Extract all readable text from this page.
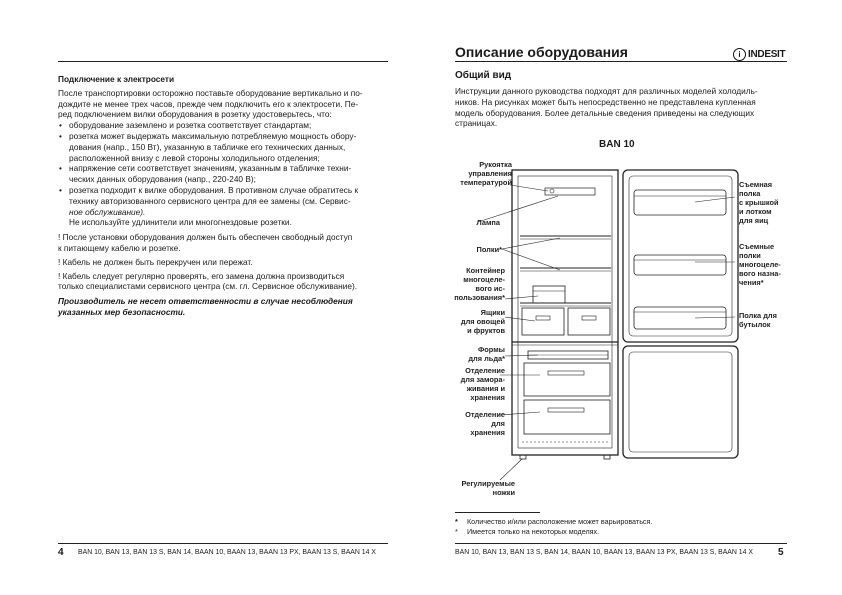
Подключение к электросети

После транспортировки осторожно поставьте оборудование вертикально и по-

дождите не менее трех часов, прежде чем подключить его к электросети. Пе-

ред подключением вилки оборудования в розетку удостоверьтесь, что:

• оборудование заземлено и розетка соответствует стандартам;
• розетка может выдержать максимальную потребляемую мощность обору-
дования (напр., 150 Вт), указанную в табличке его технических данных,
расположенной внизу с левой стороны холодильного отделения;
• напряжение сети соответствует значениям, указанным в табличке техни-
ческих данных оборудования (напр., 220-240 В);
• розетка подходит к вилке оборудования. В противном случае обратитесь к
технику авторизованного сервисного центра для ее замены (см. Сервис-
ное обслуживание).
Не используйте удлинители или многогнездовые розетки.

! После установки оборудования должен быть обеспечен свободный доступ

к питающему кабелю и розетке.

! Кабель не должен быть перекручен или пережат.

! Кабель следует регулярно проверять, его замена должна производиться

только специалистами сервисного центра (см. гл. Сервисное обслуживание).

Производитель не несет ответственности в случае несоблюдения

указанных мер безопасности.

4 BAN 10, BAN 13, BAN 13 S, BAN 14, BAAN 10, BAAN 13, BAAN 13 PX, BAAN 13 S, BAAN 14 X
Описание оборудования	i INDESIT
Общий вид
Инструкции данного руководства подходят для различных моделей холодиль-
ников. На рисунках может быть непосредственно не представлена купленная
модель оборудования. Более детальные сведения приведены на следующих
страницах.
BAN 10
Рукоятка
управления
температурой
Лампа
Полки*
Контейнер
многоцеле-
вого ис-
пользования*
Ящики
для овощей
и фруктов
Формы
для льда*
Отделение
для замора-
живания и
хранения
Отделение
для
хранения
Регулируемые
ножки
Съемная
полка
с крышкой
и лотком
для яиц
Съемные
полки
многоцеле-
вого назна-
чения*
Полка для
бутылок
* Количество и/или расположение может варьироваться.
* Имеется только на некоторых моделях.
BAN 10, BAN 13, BAN 13 S, BAN 14, BAAN 10, BAAN 13, BAAN 13 PX, BAAN 13 S, BAAN 14 X	5
